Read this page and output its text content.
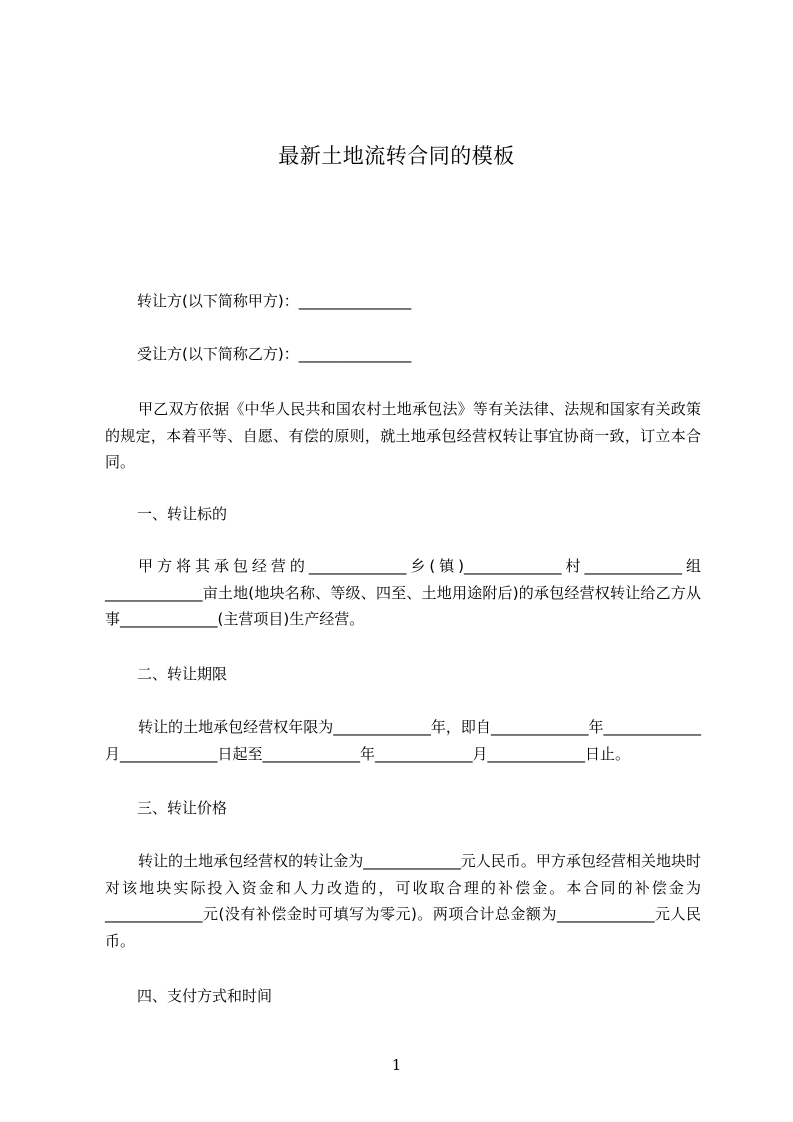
最新土地流转合同的模板
转让方(以下简称甲方)：_______________
受让方(以下简称乙方)：_______________
甲乙双方依据《中华人民共和国农村土地承包法》等有关法律、法规和国家有关政策的规定，本着平等、自愿、有偿的原则，就土地承包经营权转让事宜协商一致，订立本合同。
一、转让标的
甲方将其承包经营的_____________乡(镇)_____________村_____________组_____________亩土地(地块名称、等级、四至、土地用途附后)的承包经营权转让给乙方从事_____________(主营项目)生产经营。
二、转让期限
转让的土地承包经营权年限为_____________年，即自_____________年_____________月_____________日起至_____________年_____________月_____________日止。
三、转让价格
转让的土地承包经营权的转让金为_____________元人民币。甲方承包经营相关地块时对该地块实际投入资金和人力改造的，可收取合理的补偿金。本合同的补偿金为_____________元(没有补偿金时可填写为零元)。两项合计总金额为_____________元人民币。
四、支付方式和时间
1
